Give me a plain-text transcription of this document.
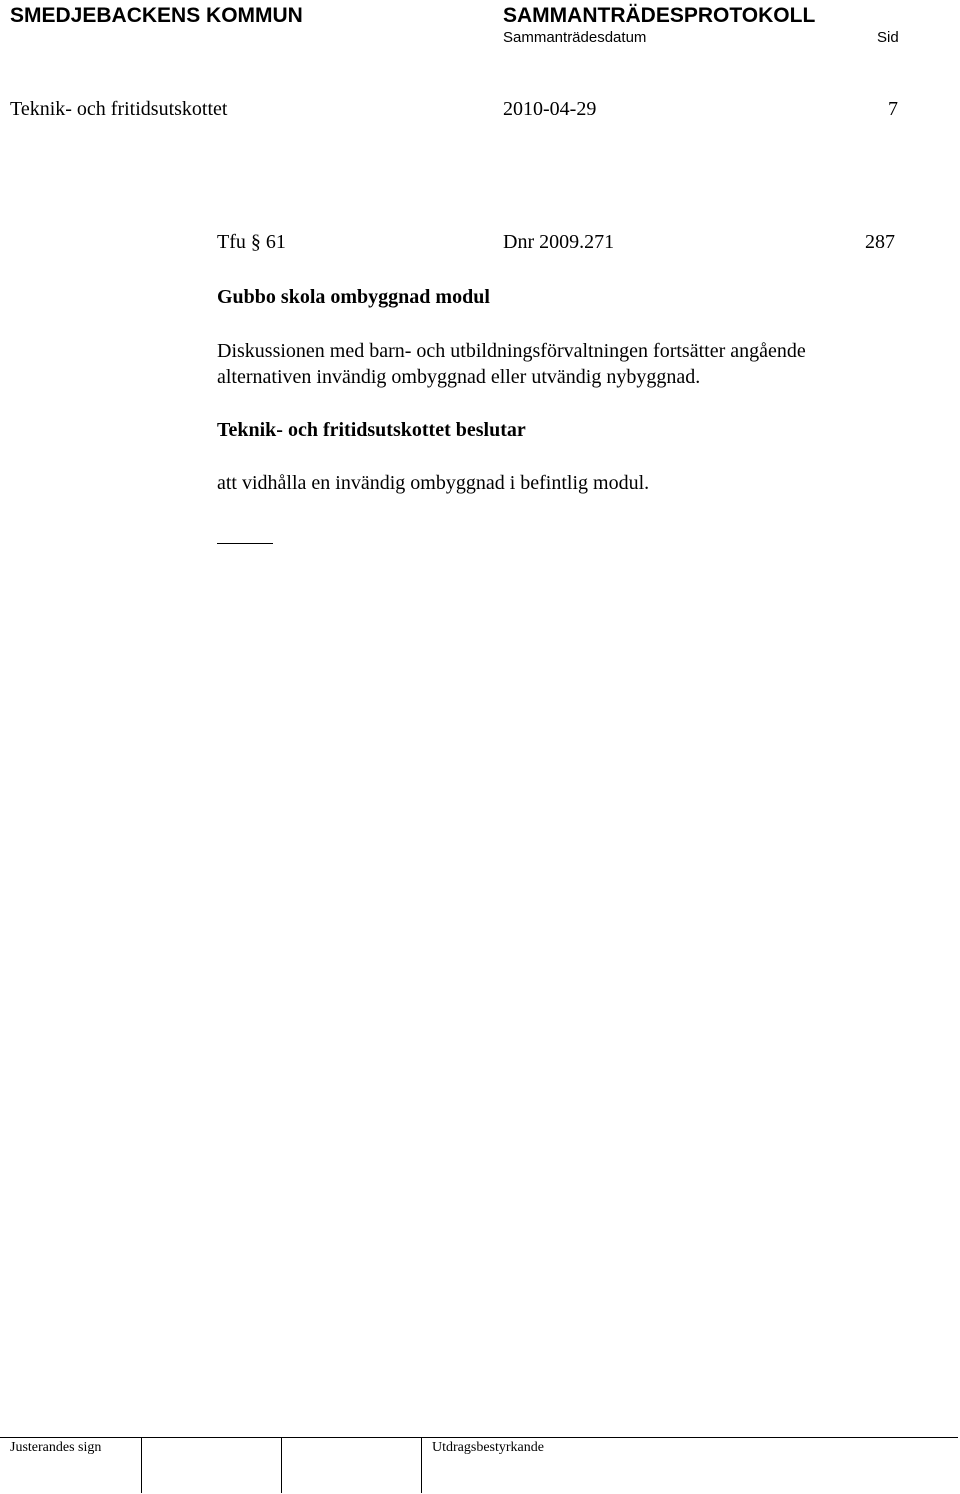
SMEDJEBACKENS KOMMUN	SAMMANTRÄDESPROTOKOLL
Sammanträdesdatum	Sid
Teknik- och fritidsutskottet	2010-04-29	7
Tfu § 61	Dnr 2009.271	287
Gubbo skola ombyggnad modul
Diskussionen med barn- och utbildningsförvaltningen fortsätter angående
alternativen invändig ombyggnad eller utvändig nybyggnad.
Teknik- och fritidsutskottet beslutar
att vidhålla en invändig ombyggnad i befintlig modul.
Justerandes sign	Utdragsbestyrkande
